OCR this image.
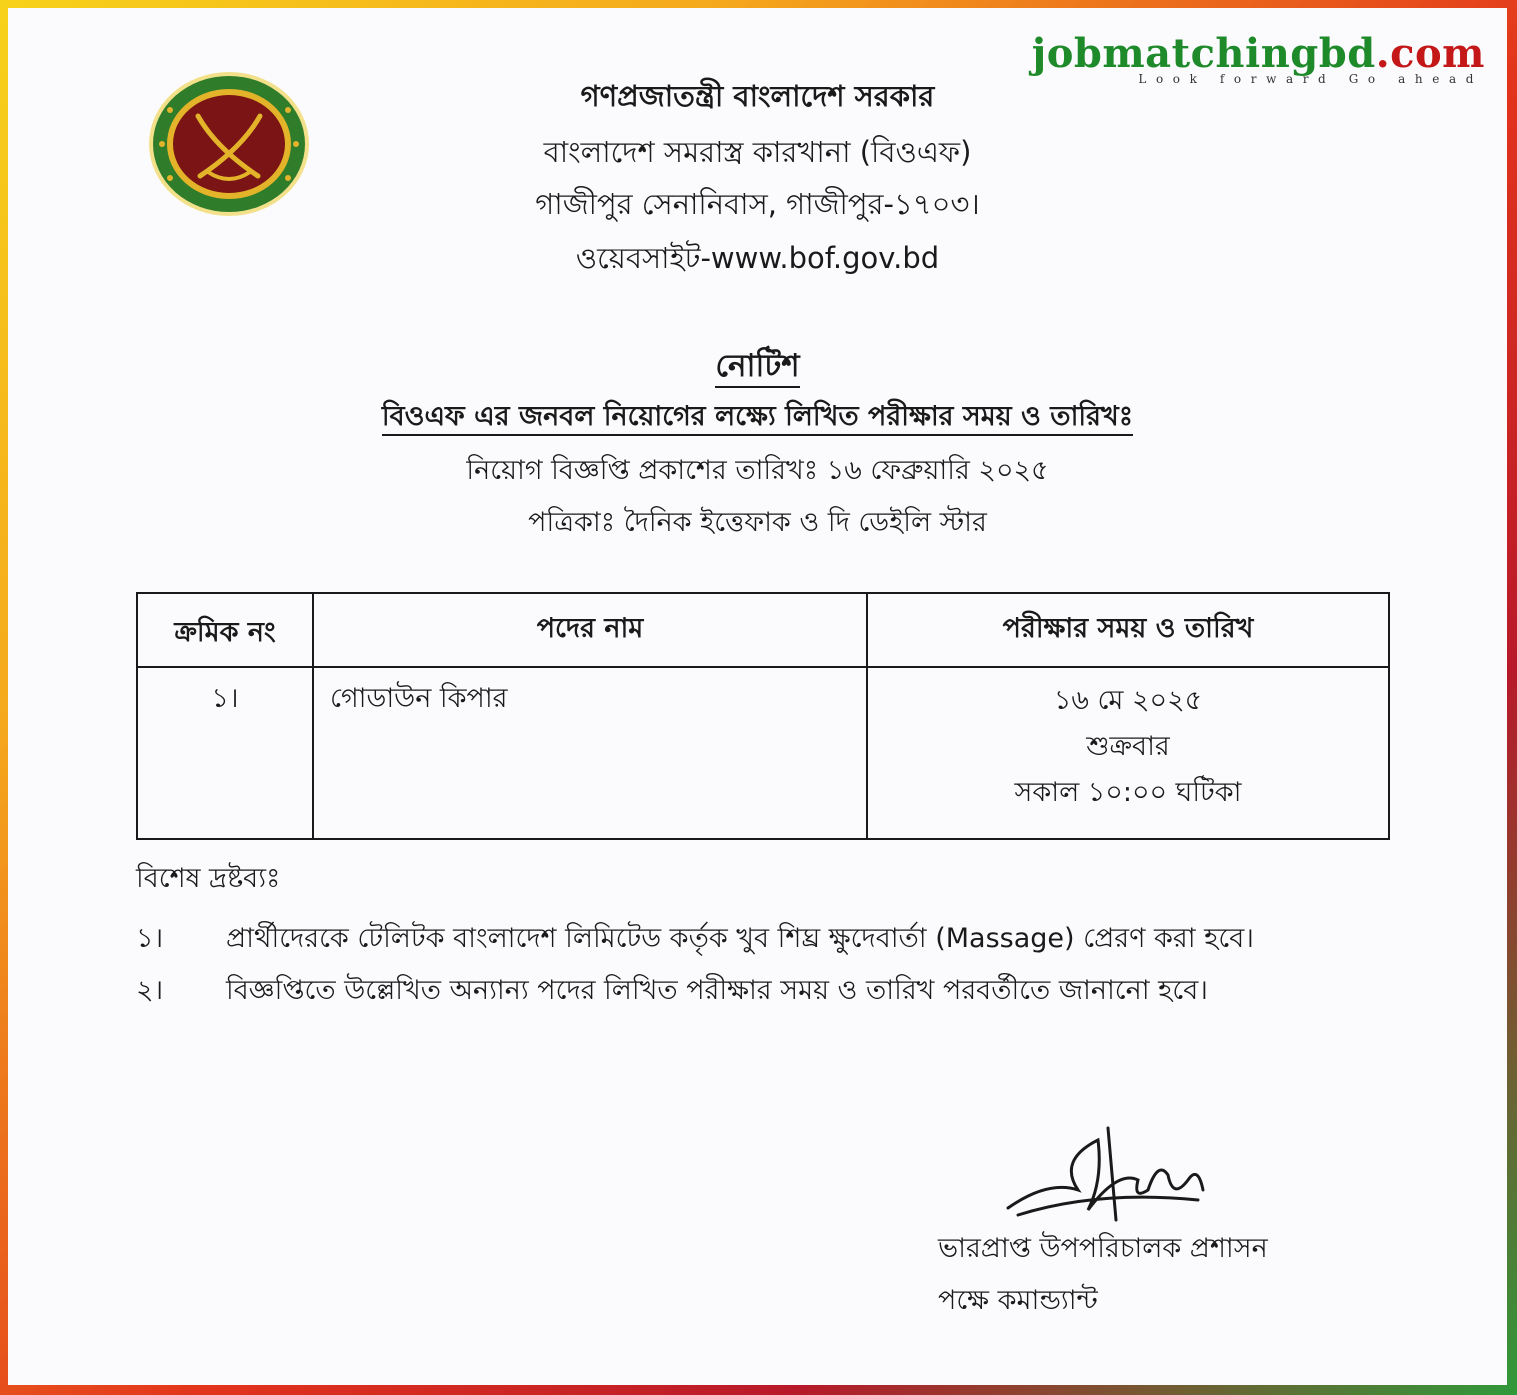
jobmatchingbd.com
Look forward Go ahead
গণপ্রজাতন্ত্রী বাংলাদেশ সরকার
বাংলাদেশ সমরাস্ত্র কারখানা (বিওএফ)
গাজীপুর সেনানিবাস, গাজীপুর-১৭০৩।
ওয়েবসাইট-www.bof.gov.bd
নোটিশ
বিওএফ এর জনবল নিয়োগের লক্ষ্যে লিখিত পরীক্ষার সময় ও তারিখঃ
নিয়োগ বিজ্ঞপ্তি প্রকাশের তারিখঃ ১৬ ফেব্রুয়ারি ২০২৫
পত্রিকাঃ দৈনিক ইত্তেফাক ও দি ডেইলি স্টার
ক্রমিক নং	পদের নাম	পরীক্ষার সময় ও তারিখ
১।	গোডাউন কিপার	১৬ মে ২০২৫
শুক্রবার
সকাল ১০:০০ ঘটিকা
বিশেষ দ্রষ্টব্যঃ
১।	প্রার্থীদেরকে টেলিটক বাংলাদেশ লিমিটেড কর্তৃক খুব শিঘ্র ক্ষুদেবার্তা (Massage) প্রেরণ করা হবে।
২।	বিজ্ঞপ্তিতে উল্লেখিত অন্যান্য পদের লিখিত পরীক্ষার সময় ও তারিখ পরবর্তীতে জানানো হবে।
ভারপ্রাপ্ত উপপরিচালক প্রশাসন
পক্ষে কমান্ড্যান্ট
